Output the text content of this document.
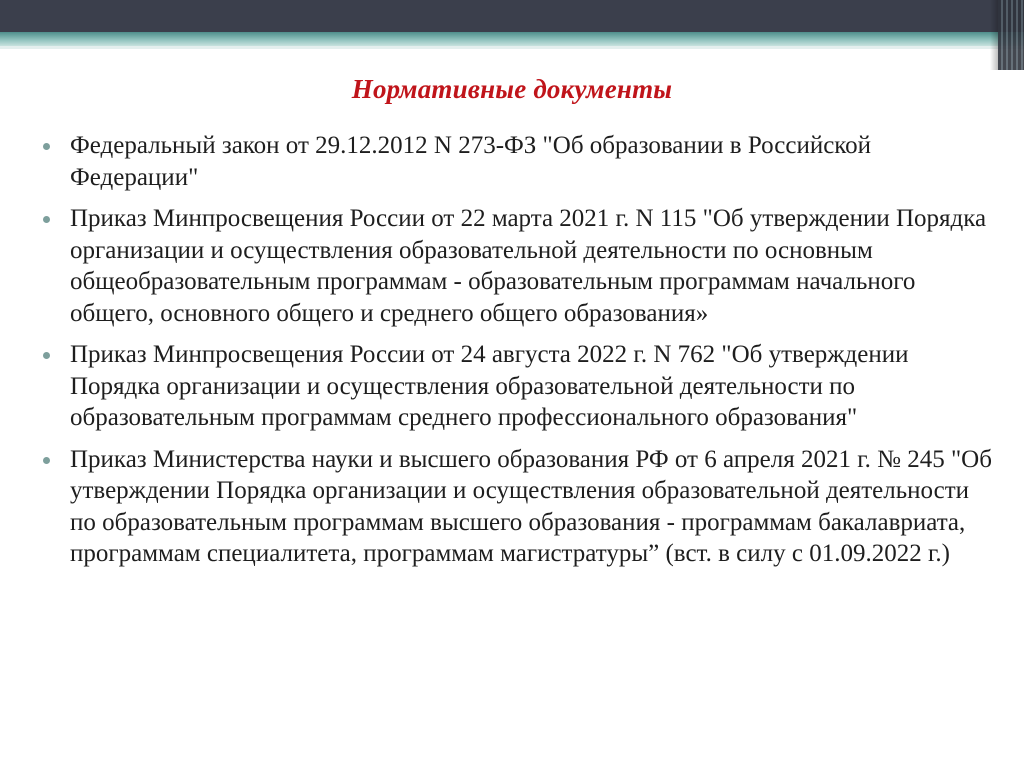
Нормативные документы
Федеральный закон от 29.12.2012 N 273-ФЗ "Об образовании в Российской Федерации"
Приказ Минпросвещения России от 22 марта 2021 г. N 115 "Об утверждении Порядка организации и осуществления образовательной деятельности по основным общеобразовательным программам - образовательным программам начального общего, основного общего и среднего общего образования»
Приказ Минпросвещения России от 24 августа 2022 г. N 762 "Об утверждении Порядка организации и осуществления образовательной деятельности по образовательным программам среднего профессионального образования"
Приказ Министерства науки и высшего образования РФ от 6 апреля 2021 г. № 245 "Об утверждении Порядка организации и осуществления образовательной деятельности по образовательным программам высшего образования - программам бакалавриата, программам специалитета, программам магистратуры” (вст. в силу с 01.09.2022 г.)
